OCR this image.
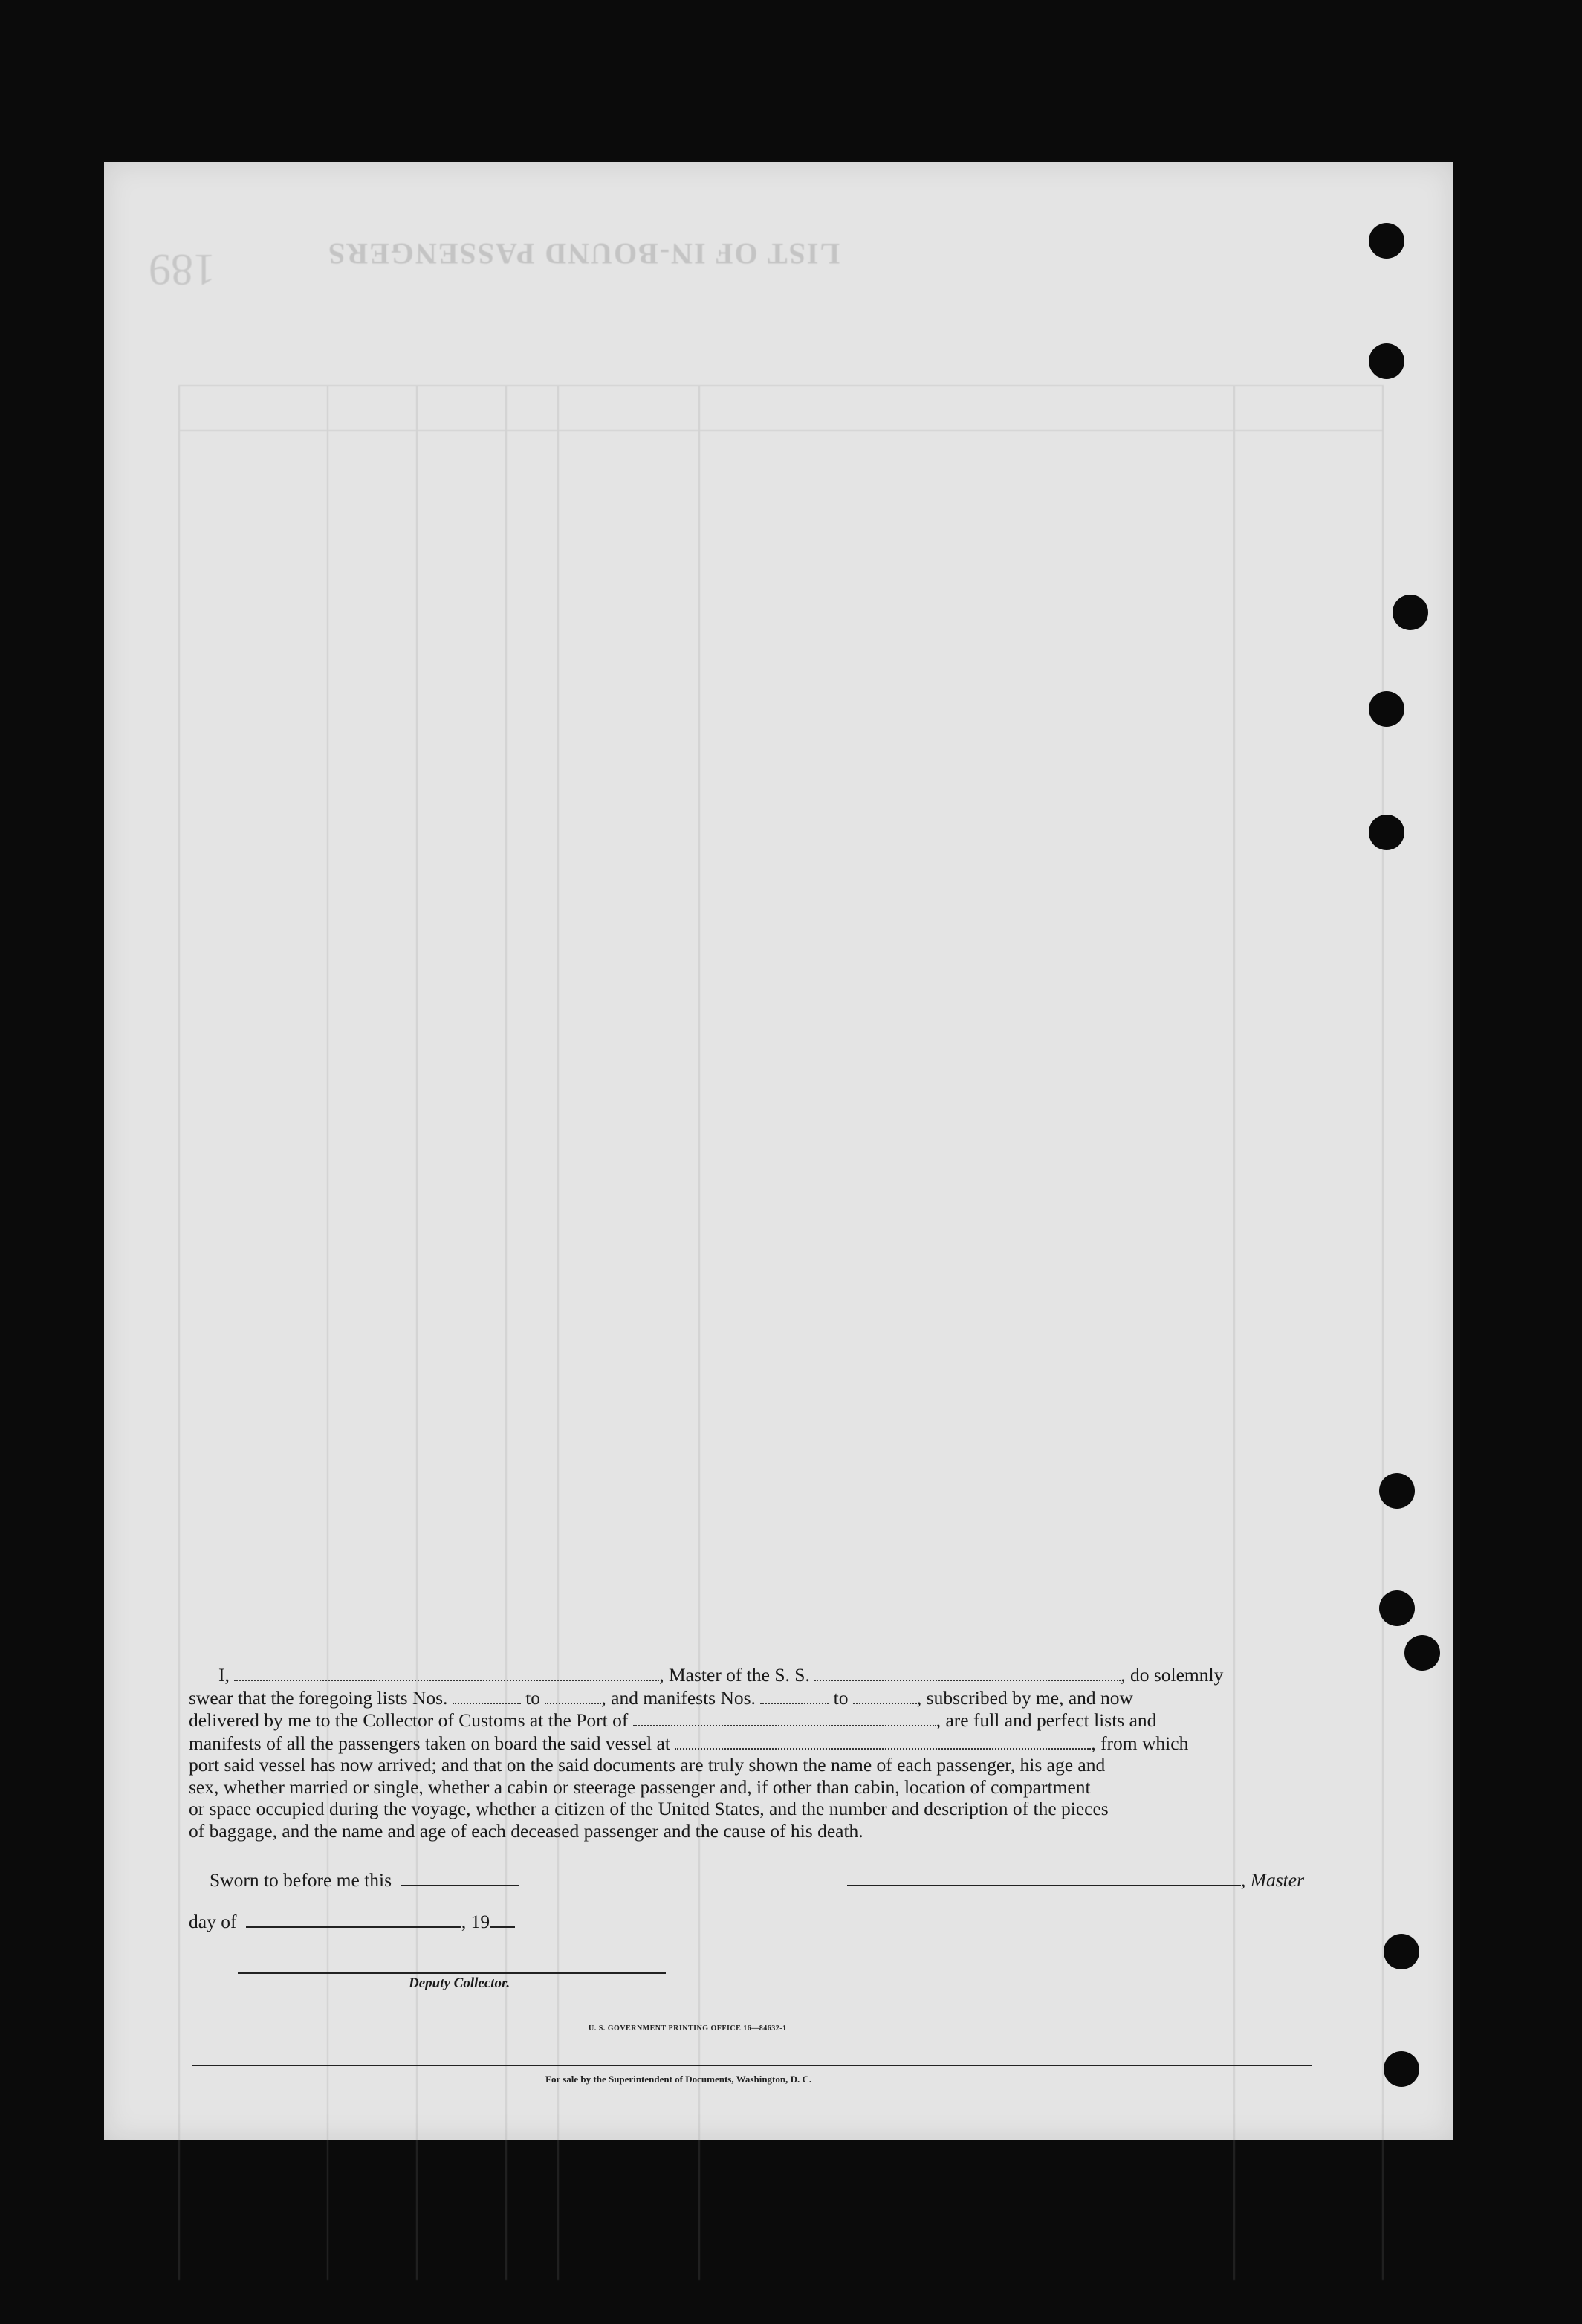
189	LIST OF IN-BOUND PASSENGERS
I,	, Master of the S. S.	, do solemnly
swear that the foregoing lists Nos.	to	, and manifests Nos.	to	, subscribed by me, and now
delivered by me to the Collector of Customs at the Port of	, are full and perfect lists and
manifests of all the passengers taken on board the said vessel at	, from which
port said vessel has now arrived; and that on the said documents are truly shown the name of each passenger, his age and
sex, whether married or single, whether a cabin or steerage passenger and, if other than cabin, location of compartment
or space occupied during the voyage, whether a citizen of the United States, and the number and description of the pieces
of baggage, and the name and age of each deceased passenger and the cause of his death.
Sworn to before me this	, Master
day of	, 19
Deputy Collector.
U. S. GOVERNMENT PRINTING OFFICE 16—84632-1
For sale by the Superintendent of Documents, Washington, D. C.
